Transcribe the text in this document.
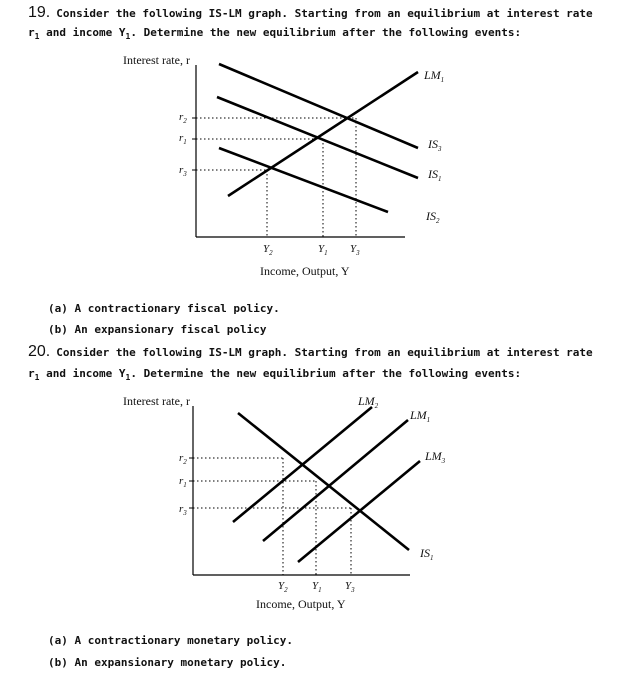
19. Consider the following IS-LM graph. Starting from an equilibrium at interest rate
$r_1$ and income $Y_1$. Determine the new equilibrium after the following events:
Interest rate, r
Income, Output, Y
$r_2$
$r_1$
$r_3$
$Y_2$	$Y_1$ $Y_3$
$LM_1$
$IS_3$
$IS_1$
$IS_2$
Interest rate, r
Income, Output, Y
$r_2$
$r_1$
$r_3$
$Y_2$ $Y_1$ $Y_3$
$LM_2$
$LM_1$
$LM_3$
$IS_1$
(a) A contractionary fiscal policy.
(b) An expansionary fiscal policy
20. Consider the following IS-LM graph. Starting from an equilibrium at interest rate
$r_1$ and income $Y_1$. Determine the new equilibrium after the following events:
(a) A contractionary monetary policy.
(b) An expansionary monetary policy.
